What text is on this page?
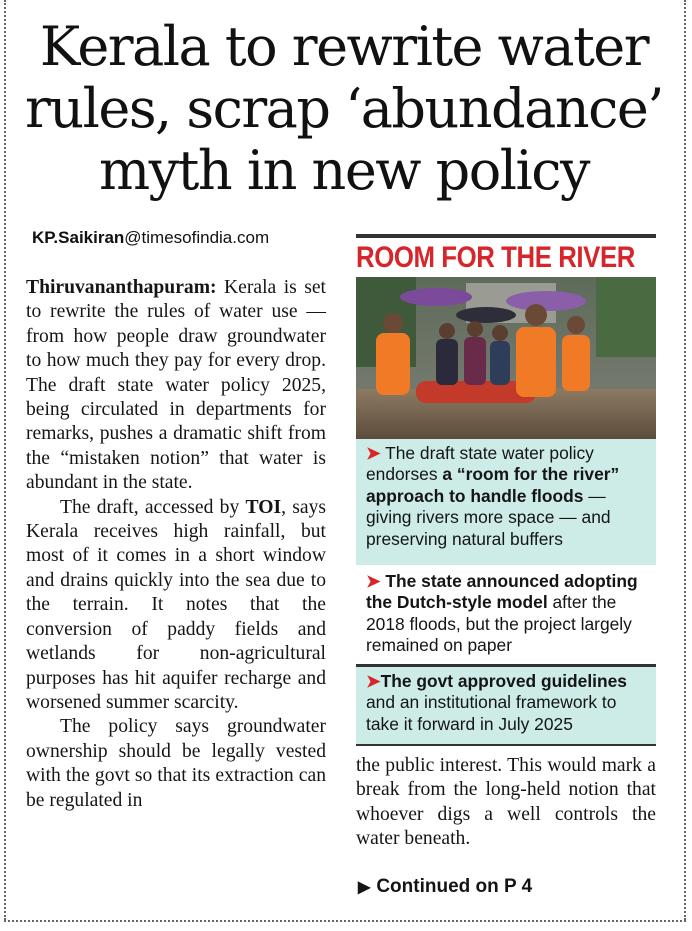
Kerala to rewrite water rules, scrap ‘abundance’ myth in new policy
KP.Saikiran@timesofindia.com

Thiruvananthapuram: Kerala is set to rewrite the rules of water use — from how people draw groundwater to how much they pay for every drop. The draft state water policy 2025, being circulated in departments for remarks, pushes a dramatic shift from the “mistaken notion” that water is abundant in the state.

The draft, accessed by TOI, says Kerala receives high rainfall, but most of it comes in a short window and drains quickly into the sea due to the terrain. It notes that the conversion of paddy fields and wetlands for non-agricultural purposes has hit aquifer recharge and worsened summer scarcity.

The policy says groundwater ownership should be legally vested with the govt so that its extraction can be regulated in

the public interest. This would mark a break from the long-held notion that whoever digs a well controls the water beneath.

ROOM FOR THE RIVER
➤ The draft state water policy endorses a “room for the river” approach to handle floods — giving rivers more space — and preserving natural buffers
➤ The state announced adopting the Dutch-style model after the 2018 floods, but the project largely remained on paper
➤The govt approved guidelines and an institutional framework to take it forward in July 2025
▶ Continued on P 4
